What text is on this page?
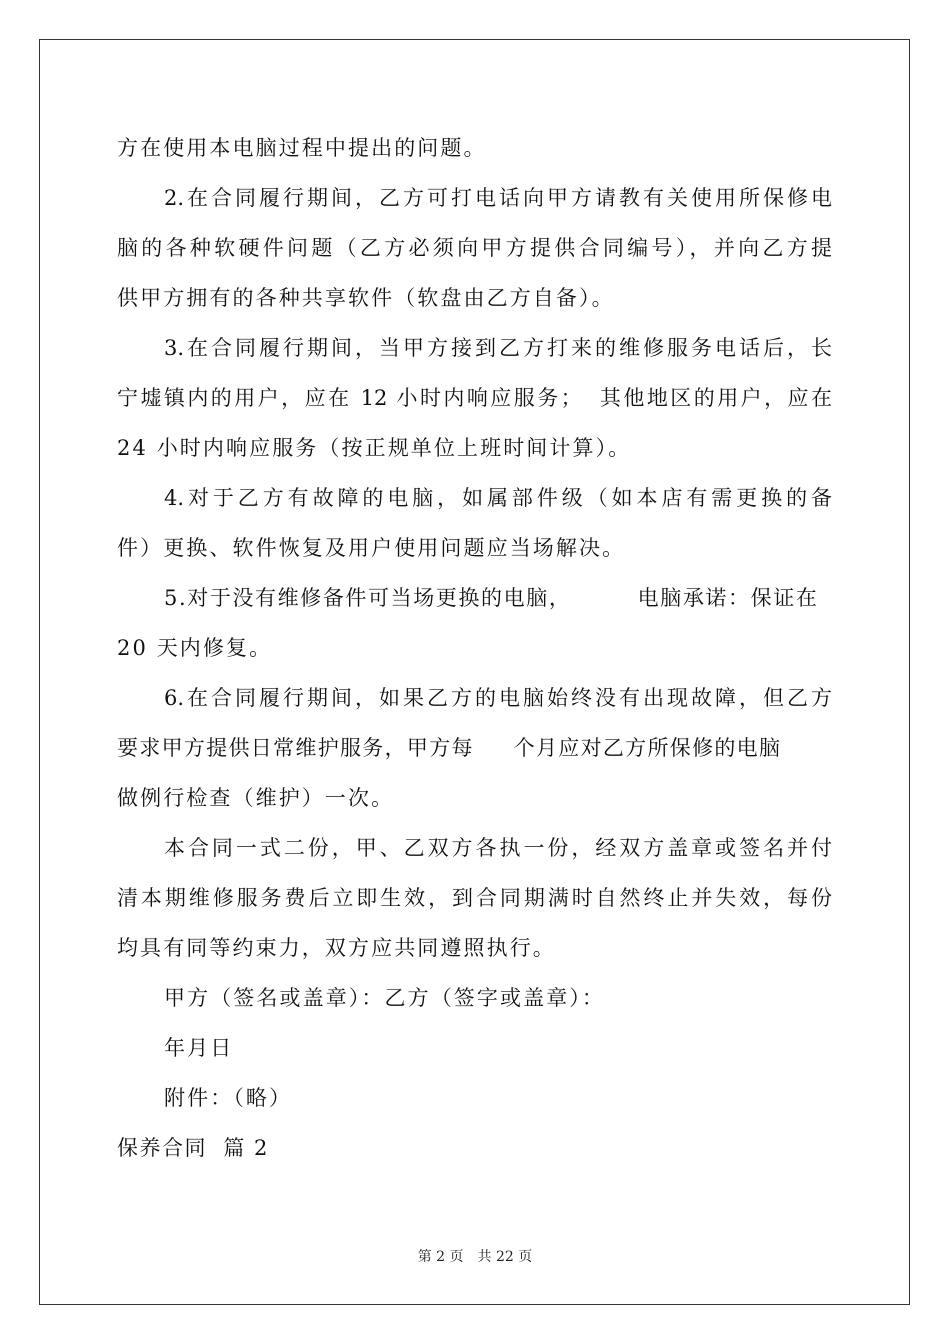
方在使用本电脑过程中提出的问题。
2.在合同履行期间，乙方可打电话向甲方请教有关使用所保修电
脑的各种软硬件问题（乙方必须向甲方提供合同编号），并向乙方提
供甲方拥有的各种共享软件（软盘由乙方自备）。
3.在合同履行期间，当甲方接到乙方打来的维修服务电话后，长
宁墟镇内的用户，应在 12 小时内响应服务；  其他地区的用户，应在
24 小时内响应服务（按正规单位上班时间计算）。
4.对于乙方有故障的电脑，如属部件级（如本店有需更换的备
件）更换、软件恢复及用户使用问题应当场解决。
5.对于没有维修备件可当场更换的电脑，        电脑承诺：保证在
20 天内修复。
6.在合同履行期间，如果乙方的电脑始终没有出现故障，但乙方
要求甲方提供日常维护服务，甲方每     个月应对乙方所保修的电脑
做例行检查（维护）一次。
本合同一式二份，甲、乙双方各执一份，经双方盖章或签名并付
清本期维修服务费后立即生效，到合同期满时自然终止并失效，每份
均具有同等约束力，双方应共同遵照执行。
甲方（签名或盖章）：乙方（签字或盖章）：
年月日
附件：（略）
保养合同  篇 2
第 2 页 共 22 页
